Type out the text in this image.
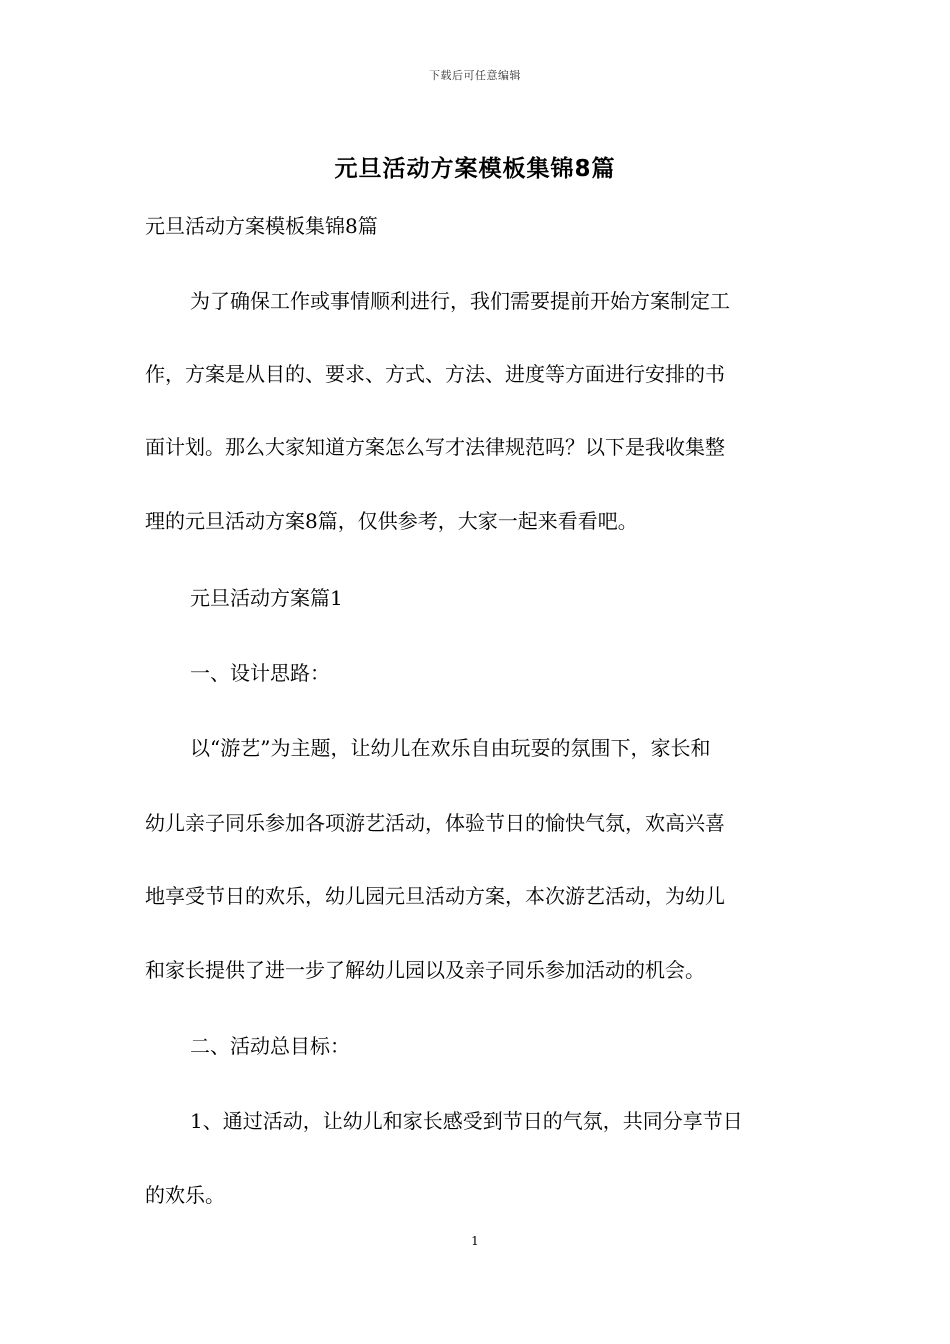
下载后可任意编辑
元旦活动方案模板集锦8篇
元旦活动方案模板集锦8篇
为了确保工作或事情顺利进行，我们需要提前开始方案制定工
作，方案是从目的、要求、方式、方法、进度等方面进行安排的书
面计划。那么大家知道方案怎么写才法律规范吗？以下是我收集整
理的元旦活动方案8篇，仅供参考，大家一起来看看吧。
元旦活动方案篇1
一、设计思路：
以“游艺”为主题，让幼儿在欢乐自由玩耍的氛围下，家长和
幼儿亲子同乐参加各项游艺活动，体验节日的愉快气氛，欢高兴喜
地享受节日的欢乐，幼儿园元旦活动方案，本次游艺活动，为幼儿
和家长提供了进一步了解幼儿园以及亲子同乐参加活动的机会。
二、活动总目标：
1、通过活动，让幼儿和家长感受到节日的气氛，共同分享节日
的欢乐。
1
